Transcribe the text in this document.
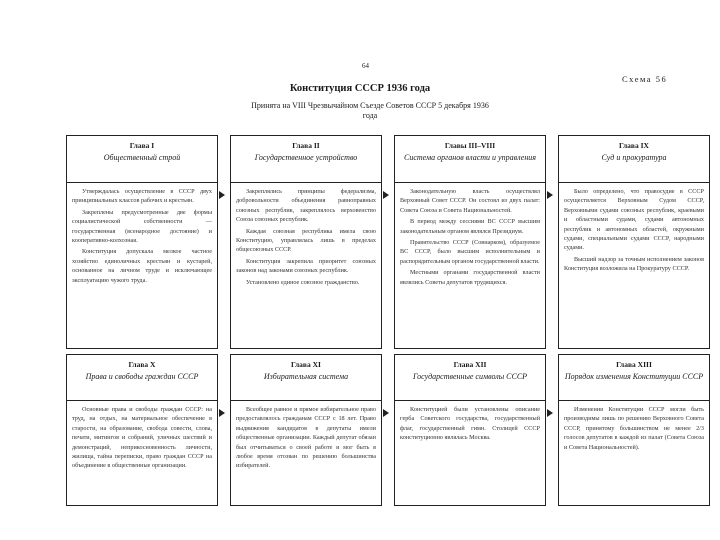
64
Схема 56
Конституция СССР 1936 года
Принята на VIII Чрезвычайном Съезде Советов СССР 5 декабря 1936 года
Глава I
Общественный строй

Утверждалась осуществление в СССР двух принципиальных классов рабочих и крестьян.

Закреплены предусмотренные две формы социалистической собственности — государственная (всенародное достояние) и кооперативно-колхозная.

Конституция допускала мелкое частное хозяйство единоличных крестьян и кустарей, основанное на личном труде и исключающее эксплуатацию чужого труда.

Глава II
Государственное устройство

Закреплялись принципы федерализма, добровольности объединения равноправных союзных республик, закреплялось верховенство Союза союзных республик.

Каждая союзная республика имела свою Конституцию, управлялась лишь в пределах общесоюзных СССР.

Конституция закрепила приоритет союзных законов над законами союзных республик.

Установлено единое союзное гражданство.

Главы III–VIII
Система органов власти и управления

Законодательную власть осуществлял Верховный Совет СССР. Он состоял из двух палат: Совета Союза и Совета Национальностей.

В период между сессиями ВС СССР высшим законодательным органом являлся Президиум.

Правительство СССР (Совнарком), образуемое ВС СССР, было высшим исполнительным и распорядительным органом государственной власти.

Местными органами государственной власти являлись Советы депутатов трудящихся.

Глава IX
Суд и прокуратура

Было определено, что правосудие в СССР осуществляется Верховным Судом СССР, Верховными судами союзных республик, краевыми и областными судами, судами автономных республик и автономных областей, окружными судами, специальными судами СССР, народными судами.

Высший надзор за точным исполнением законов Конституция возложила на Прокуратуру СССР.

Глава X
Права и свободы граждан СССР

Основные права и свободы граждан СССР: на труд, на отдых, на материальное обеспечение в старости, на образование, свобода совести, слова, печати, митингов и собраний, уличных шествий и демонстраций, неприкосновенность личности, жилища, тайна переписки, право граждан СССР на объединение в общественные организации.

Глава XI
Избирательная система

Всеобщее равное и прямое избирательное право предоставлялось гражданам СССР с 18 лет. Право выдвижения кандидатов в депутаты имели общественные организации. Каждый депутат обязан был отчитываться о своей работе и мог быть в любое время отозван по решению большинства избирателей.

Глава XII
Государственные символы СССР

Конституцией были установлены описание герба Советского государства, государственный флаг, государственный гимн. Столицей СССР конституционно являлась Москва.

Глава XIII
Порядок изменения Конституции СССР

Изменения Конституции СССР могли быть производимы лишь по решению Верховного Совета СССР, принятому большинством не менее 2/3 голосов депутатов в каждой из палат (Совета Союза и Совета Национальностей).
